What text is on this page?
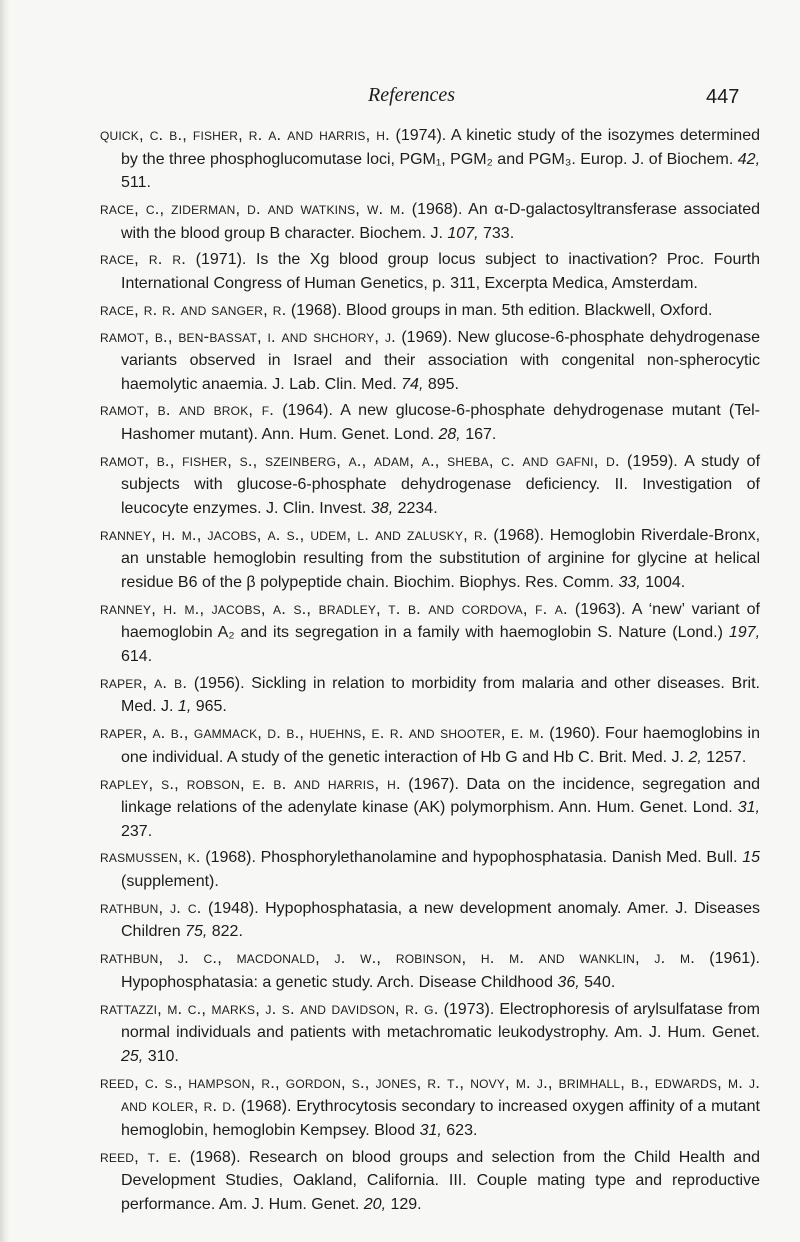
References	447

quick, c. b., fisher, r. a. and harris, h. (1974). A kinetic study of the isozymes determined by the three phosphoglucomutase loci, PGM₁, PGM₂ and PGM₃. Europ. J. of Biochem. 42, 511.

race, c., ziderman, d. and watkins, w. m. (1968). An α-D-galactosyltransferase associated with the blood group B character. Biochem. J. 107, 733.

race, r. r. (1971). Is the Xg blood group locus subject to inactivation? Proc. Fourth International Congress of Human Genetics, p. 311, Excerpta Medica, Amsterdam.

race, r. r. and sanger, r. (1968). Blood groups in man. 5th edition. Blackwell, Oxford.

ramot, b., ben-bassat, i. and shchory, j. (1969). New glucose-6-phosphate dehydrogenase variants observed in Israel and their association with congenital non-spherocytic haemolytic anaemia. J. Lab. Clin. Med. 74, 895.

ramot, b. and brok, f. (1964). A new glucose-6-phosphate dehydrogenase mutant (Tel-Hashomer mutant). Ann. Hum. Genet. Lond. 28, 167.

ramot, b., fisher, s., szeinberg, a., adam, a., sheba, c. and gafni, d. (1959). A study of subjects with glucose-6-phosphate dehydrogenase deficiency. II. Investigation of leucocyte enzymes. J. Clin. Invest. 38, 2234.

ranney, h. m., jacobs, a. s., udem, l. and zalusky, r. (1968). Hemoglobin Riverdale-Bronx, an unstable hemoglobin resulting from the substitution of arginine for glycine at helical residue B6 of the β polypeptide chain. Biochim. Biophys. Res. Comm. 33, 1004.

ranney, h. m., jacobs, a. s., bradley, t. b. and cordova, f. a. (1963). A ‘new’ variant of haemoglobin A₂ and its segregation in a family with haemoglobin S. Nature (Lond.) 197, 614.

raper, a. b. (1956). Sickling in relation to morbidity from malaria and other diseases. Brit. Med. J. 1, 965.

raper, a. b., gammack, d. b., huehns, e. r. and shooter, e. m. (1960). Four haemoglobins in one individual. A study of the genetic interaction of Hb G and Hb C. Brit. Med. J. 2, 1257.

rapley, s., robson, e. b. and harris, h. (1967). Data on the incidence, segregation and linkage relations of the adenylate kinase (AK) polymorphism. Ann. Hum. Genet. Lond. 31, 237.

rasmussen, k. (1968). Phosphorylethanolamine and hypophosphatasia. Danish Med. Bull. 15 (supplement).

rathbun, j. c. (1948). Hypophosphatasia, a new development anomaly. Amer. J. Diseases Children 75, 822.

rathbun, j. c., macdonald, j. w., robinson, h. m. and wanklin, j. m. (1961). Hypophosphatasia: a genetic study. Arch. Disease Childhood 36, 540.

rattazzi, m. c., marks, j. s. and davidson, r. g. (1973). Electrophoresis of arylsulfatase from normal individuals and patients with metachromatic leukodystrophy. Am. J. Hum. Genet. 25, 310.

reed, c. s., hampson, r., gordon, s., jones, r. t., novy, m. j., brimhall, b., edwards, m. j. and koler, r. d. (1968). Erythrocytosis secondary to increased oxygen affinity of a mutant hemoglobin, hemoglobin Kempsey. Blood 31, 623.

reed, t. e. (1968). Research on blood groups and selection from the Child Health and Development Studies, Oakland, California. III. Couple mating type and reproductive performance. Am. J. Hum. Genet. 20, 129.
